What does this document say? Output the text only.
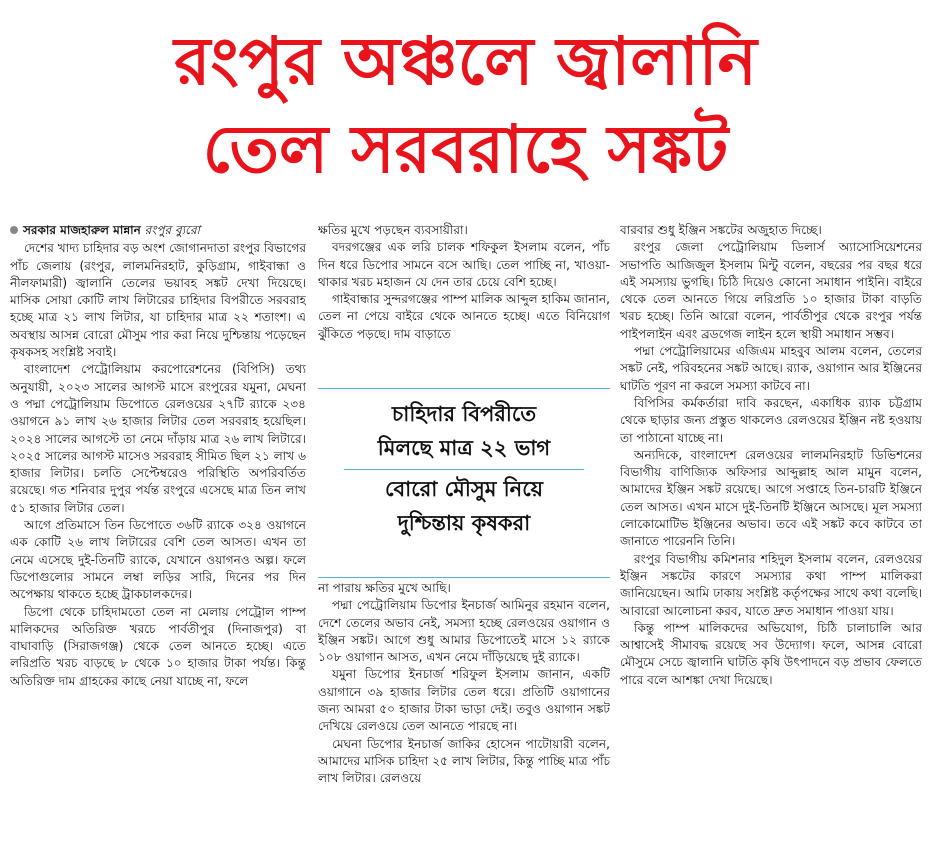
রংপুর অঞ্চলে জ্বালানি
তেল সরবরাহে সঙ্কট
সরকার মাজহারুল মান্নান রংপুর ব্যুরো

দেশের খাদ্য চাহিদার বড় অংশ জোগানদাতা রংপুর বিভাগের পাঁচ জেলায় (রংপুর, লালমনিরহাট, কুড়িগ্রাম, গাইবান্ধা ও নীলফামারী) জ্বালানি তেলের ভয়াবহ সঙ্কট দেখা দিয়েছে। মাসিক সোয়া কোটি লাখ লিটারের চাহিদার বিপরীতে সরবরাহ হচ্ছে মাত্র ২১ লাখ লিটার, যা চাহিদার মাত্র ২২ শতাংশ। এ অবস্থায় আসন্ন বোরো মৌসুম পার করা নিয়ে দুশ্চিন্তায় পড়েছেন কৃষকসহ সংশ্লিষ্ট সবাই।

বাংলাদেশ পেট্রোলিয়াম করপোরেশনের (বিপিসি) তথ্য অনুযায়ী, ২০২৩ সালের আগস্ট মাসে রংপুরের যমুনা, মেঘনা ও পদ্মা পেট্রোলিয়াম ডিপোতে রেলওয়ের ২৭টি র‍্যাকে ২৩৪ ওয়াগনে ৯১ লাখ ২৬ হাজার লিটার তেল সরবরাহ হয়েছিল। ২০২৪ সালের আগস্টে তা নেমে দাঁড়ায় মাত্র ২৬ লাখ লিটারে। ২০২৫ সালের আগস্ট মাসেও সরবরাহ সীমিত ছিল ২১ লাখ ৬ হাজার লিটার। চলতি সেপ্টেম্বরেও পরিস্থিতি অপরিবর্তিত রয়েছে। গত শনিবার দুপুর পর্যন্ত রংপুরে এসেছে মাত্র তিন লাখ ৫১ হাজার লিটার তেল।

আগে প্রতিমাসে তিন ডিপোতে ৩৬টি র‍্যাকে ৩২৪ ওয়াগনে এক কোটি ২৬ লাখ লিটারের বেশি তেল আসত। এখন তা নেমে এসেছে দুই-তিনটি র‍্যাকে, যেখানে ওয়াগনও অল্প। ফলে ডিপোগুলোর সামনে লম্বা লড়ির সারি, দিনের পর দিন অপেক্ষায় থাকতে হচ্ছে ট্রাকচালকদের।

ডিপো থেকে চাহিদামতো তেল না মেলায় পেট্রোল পাম্প মালিকদের অতিরিক্ত খরচে পার্বতীপুর (দিনাজপুর) বা বাঘাবাড়ি (সিরাজগঞ্জ) থেকে তেল আনতে হচ্ছে। এতে লরিপ্রতি খরচ বাড়ছে ৮ থেকে ১০ হাজার টাকা পর্যন্ত। কিন্তু অতিরিক্ত দাম গ্রাহকের কাছে নেয়া যাচ্ছে না, ফলে

ক্ষতির মুখে পড়ছেন ব্যবসায়ীরা।

বদরগঞ্জের এক লরি চালক শফিকুল ইসলাম বলেন, পাঁচ দিন ধরে ডিপোর সামনে বসে আছি। তেল পাচ্ছি না, খাওয়া-থাকার খরচ মহাজন যে দেন তার চেয়ে বেশি হচ্ছে।

গাইবান্ধার সুন্দরগঞ্জের পাম্প মালিক আব্দুল হাকিম জানান, তেল না পেয়ে বাইরে থেকে আনতে হচ্ছে। এতে বিনিয়োগ ঝুঁকিতে পড়ছে। দাম বাড়াতে

চাহিদার বিপরীতে
মিলছে মাত্র ২২ ভাগ
বোরো মৌসুম নিয়ে
দুশ্চিন্তায় কৃষকরা

না পারায় ক্ষতির মুখে আছি।

পদ্মা পেট্রোলিয়াম ডিপোর ইনচার্জ আমিনুর রহমান বলেন, দেশে তেলের অভাব নেই, সমস্যা হচ্ছে রেলওয়ের ওয়াগান ও ইঞ্জিন সঙ্কট। আগে শুধু আমার ডিপোতেই মাসে ১২ র‍্যাকে ১০৮ ওয়াগান আসত, এখন নেমে দাঁড়িয়েছে দুই র‍্যাকে।

যমুনা ডিপোর ইনচার্জ শরিফুল ইসলাম জানান, একটি ওয়াগানে ৩৯ হাজার লিটার তেল ধরে। প্রতিটি ওয়াগানের জন্য আমরা ৫০ হাজার টাকা ভাড়া দেই। তবুও ওয়াগান সঙ্কট দেখিয়ে রেলওয়ে তেল আনতে পারছে না।

মেঘনা ডিপোর ইনচার্জ জাকির হোসেন পাটোয়ারী বলেন, আমাদের মাসিক চাহিদা ২৫ লাখ লিটার, কিন্তু পাচ্ছি মাত্র পাঁচ লাখ লিটার। রেলওয়ে

বারবার শুধু ইঞ্জিন সঙ্কটের অজুহাত দিচ্ছে।

রংপুর জেলা পেট্রোলিয়াম ডিলার্স অ্যাসোসিয়েশনের সভাপতি আজিজুল ইসলাম মিন্টু বলেন, বছরের পর বছর ধরে এই সমস্যায় ভুগছি। চিঠি দিয়েও কোনো সমাধান পাইনি। বাইরে থেকে তেল আনতে গিয়ে লরিপ্রতি ১০ হাজার টাকা বাড়তি খরচ হচ্ছে। তিনি আরো বলেন, পার্বতীপুর থেকে রংপুর পর্যন্ত পাইপলাইন এবং ব্রডগেজ লাইন হলে স্থায়ী সমাধান সম্ভব।

পদ্মা পেট্রোলিয়ামের এজিএম মাহবুব আলম বলেন, তেলের সঙ্কট নেই, পরিবহনের সঙ্কট আছে। র‍্যাক, ওয়াগান আর ইঞ্জিনের ঘাটতি পূরণ না করলে সমস্যা কাটবে না।

বিপিসির কর্মকর্তারা দাবি করছেন, একাধিক র‍্যাক চট্টগ্রাম থেকে ছাড়ার জন্য প্রস্তুত থাকলেও রেলওয়ের ইঞ্জিন নষ্ট হওয়ায় তা পাঠানো যাচ্ছে না।

অন্যদিকে, বাংলাদেশ রেলওয়ের লালমনিরহাট ডিভিশনের বিভাগীয় বাণিজ্যিক অফিসার আব্দুল্লাহ আল মামুন বলেন, আমাদের ইঞ্জিন সঙ্কট রয়েছে। আগে সপ্তাহে তিন-চারটি ইঞ্জিনে তেল আসত। এখন মাসে দুই-তিনটি ইঞ্জিনে আসছে। মূল সমস্যা লোকোমোটিভ ইঞ্জিনের অভাব। তবে এই সঙ্কট কবে কাটবে তা জানাতে পারেননি তিনি।

রংপুর বিভাগীয় কমিশনার শহিদুল ইসলাম বলেন, রেলওয়ের ইঞ্জিন সঙ্কটের কারণে সমস্যার কথা পাম্প মালিকরা জানিয়েছেন। আমি ঢাকায় সংশ্লিষ্ট কর্তৃপক্ষের সাথে কথা বলেছি। আবারো আলোচনা করব, যাতে দ্রুত সমাধান পাওয়া যায়।

কিন্তু পাম্প মালিকদের অভিযোগ, চিঠি চালাচালি আর আশ্বাসেই সীমাবদ্ধ রয়েছে সব উদ্যোগ। ফলে, আসন্ন বোরো মৌসুমে সেচে জ্বালানি ঘাটতি কৃষি উৎপাদনে বড় প্রভাব ফেলতে পারে বলে আশঙ্কা দেখা দিয়েছে।
